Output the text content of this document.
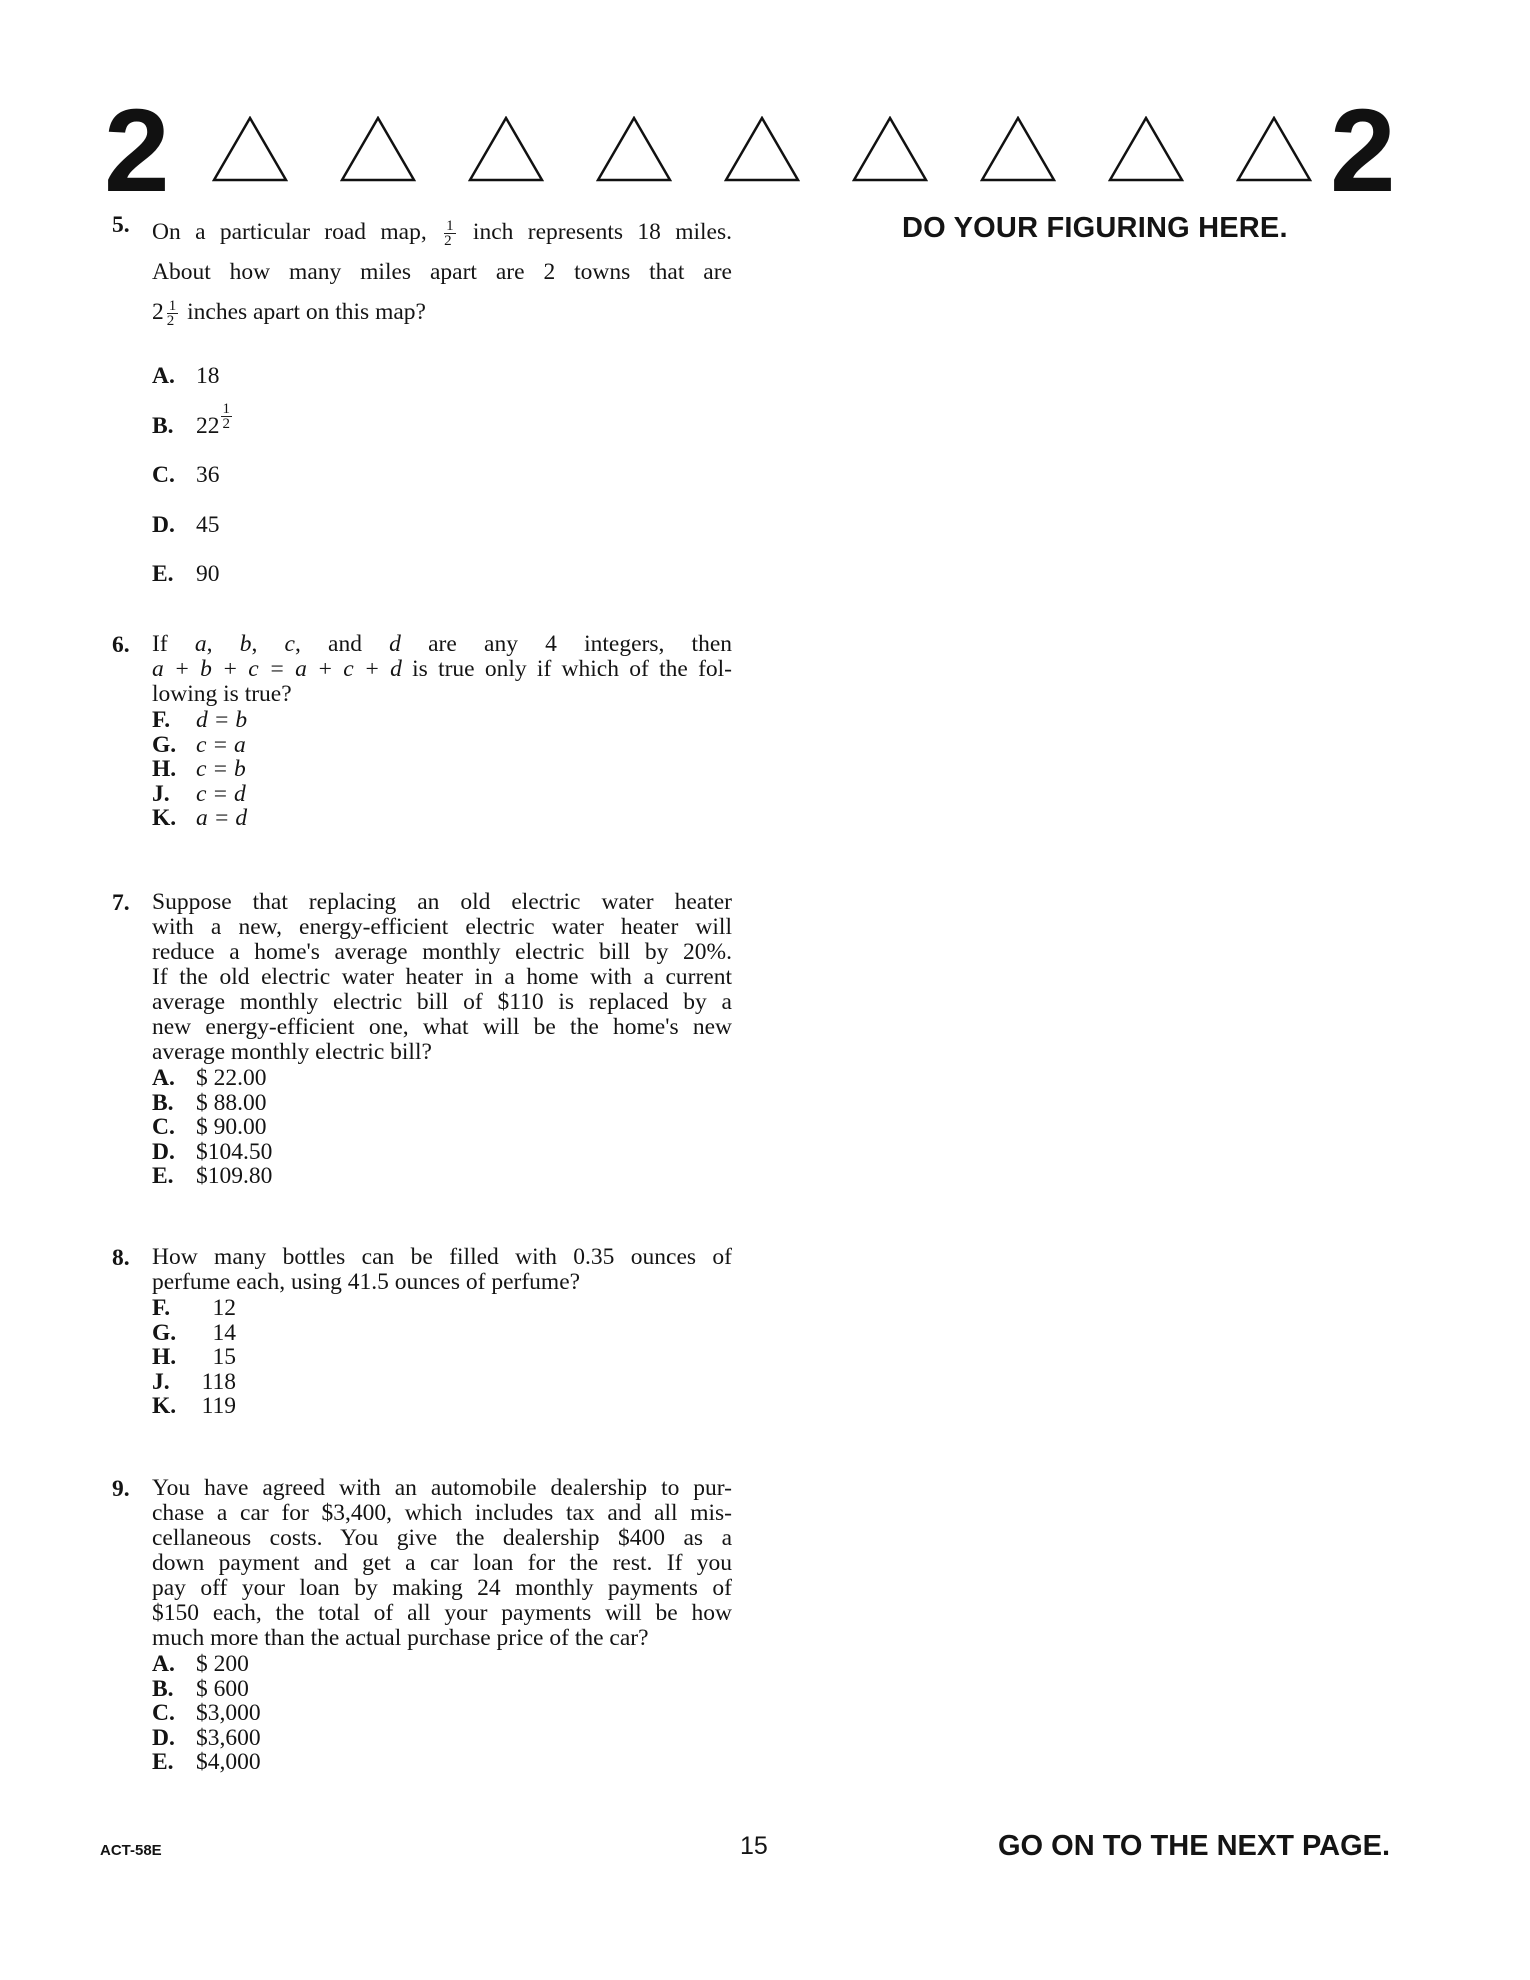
2	2
DO YOUR FIGURING HERE.
5. On a particular road map, $\frac{1}{2}$ inch represents 18 miles.
About how many miles apart are 2 towns that are
$2 \frac{1}{2}$ inches apart on this map?
A. 18
B. $22 \frac{1}{2}$
C. 36
D. 45
E. 90
6. If a, b, c, and d are any 4 integers, then
a + b + c = a + c + d is true only if which of the fol-
lowing is true?
F.	d = b
G. c = a
H. c = b
J.	c = d
K. a = d
7. Suppose that replacing an old electric water heater
with a new, energy-efficient electric water heater will
reduce a home's average monthly electric bill by 20%.
If the old electric water heater in a home with a current
average monthly electric bill of $110 is replaced by a
new energy-efficient one, what will be the home's new
average monthly electric bill?
A. $ 22.00
B. $ 88.00
C. $ 90.00
D. $104.50
E. $109.80
8. How many bottles can be filled with 0.35 ounces of
perfume each, using 41.5 ounces of perfume?
F.	12
G.	14
H.	15
J.	118
K.	119
9. You have agreed with an automobile dealership to pur-
chase a car for $3,400, which includes tax and all mis-
cellaneous costs. You give the dealership $400 as a
down payment and get a car loan for the rest. If you
pay off your loan by making 24 monthly payments of
$150 each, the total of all your payments will be how
much more than the actual purchase price of the car?
A. $ 200
B. $ 600
C. $3,000
D. $3,600
E. $4,000
ACT-58E	15	GO ON TO THE NEXT PAGE.
